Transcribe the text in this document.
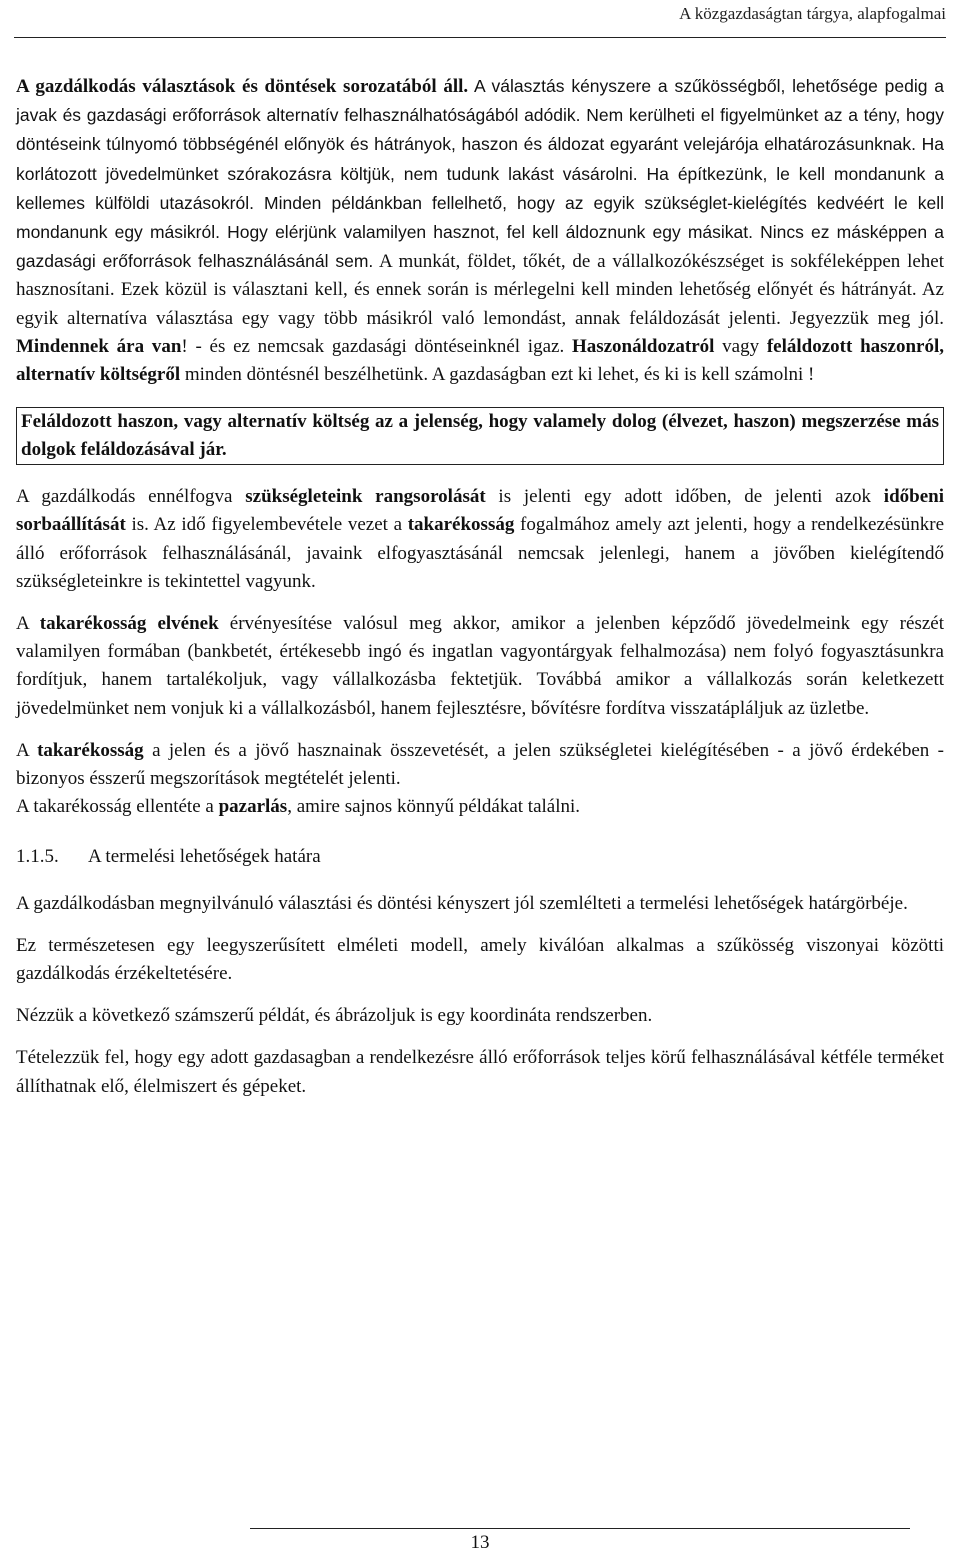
A közgazdaságtan tárgya, alapfogalmai

A gazdálkodás választások és döntések sorozatából áll. A választás kényszere a szűkösségből, lehetősége pedig a javak és gazdasági erőforrások alternatív felhasználhatóságából adódik. Nem kerülheti el figyelmünket az a tény, hogy döntéseink túlnyomó többségénél előnyök és hátrányok, haszon és áldozat egyaránt velejárója elhatározásunknak. Ha korlátozott jövedelmünket szórakozásra költjük, nem tudunk lakást vásárolni. Ha építkezünk, le kell mondanunk a kellemes külföldi utazásokról. Minden példánkban fellelhető, hogy az egyik szükséglet-kielégítés kedvéért le kell mondanunk egy másikról. Hogy elérjünk valamilyen hasznot, fel kell áldoznunk egy másikat. Nincs ez másképpen a gazdasági erőforrások felhasználásánál sem. A munkát, földet, tőkét, de a vállalkozókészséget is sokféleképpen lehet hasznosítani. Ezek közül is választani kell, és ennek során is mérlegelni kell minden lehetőség előnyét és hátrányát. Az egyik alternatíva választása egy vagy több másikról való lemondást, annak feláldozását jelenti. Jegyezzük meg jól. Mindennek ára van! - és ez nemcsak gazdasági döntéseinknél igaz. Haszonáldozatról vagy feláldozott haszonról, alternatív költségről minden döntésnél beszélhetünk. A gazdaságban ezt ki lehet, és ki is kell számolni !

Feláldozott haszon, vagy alternatív költség az a jelenség, hogy valamely dolog (élvezet, haszon) megszerzése más dolgok feláldozásával jár.

A gazdálkodás ennélfogva szükségleteink rangsorolását is jelenti egy adott időben, de jelenti azok időbeni sorbaállítását is. Az idő figyelembevétele vezet a takarékosság fogalmához amely azt jelenti, hogy a rendelkezésünkre álló erőforrások felhasználásánál, javaink elfogyasztásánál nemcsak jelenlegi, hanem a jövőben kielégítendő szükségleteinkre is tekintettel vagyunk.

A takarékosság elvének érvényesítése valósul meg akkor, amikor a jelenben képződő jövedelmeink egy részét valamilyen formában (bankbetét, értékesebb ingó és ingatlan vagyontárgyak felhalmozása) nem folyó fogyasztásunkra fordítjuk, hanem tartalékoljuk, vagy vállalkozásba fektetjük. Továbbá amikor a vállalkozás során keletkezett jövedelmünket nem vonjuk ki a vállalkozásból, hanem fejlesztésre, bővítésre fordítva visszatápláljuk az üzletbe.

A takarékosság a jelen és a jövő hasznainak összevetését, a jelen szükségletei kielégítésében - a jövő érdekében - bizonyos ésszerű megszorítások megtételét jelenti.

A takarékosság ellentéte a pazarlás, amire sajnos könnyű példákat találni.

1.1.5. A termelési lehetőségek határa

A gazdálkodásban megnyilvánuló választási és döntési kényszert jól szemlélteti a termelési lehetőségek határgörbéje.

Ez természetesen egy leegyszerűsített elméleti modell, amely kiválóan alkalmas a szűkösség viszonyai közötti gazdálkodás érzékeltetésére.

Nézzük a következő számszerű példát, és ábrázoljuk is egy koordináta rendszerben.

Tételezzük fel, hogy egy adott gazdasagban a rendelkezésre álló erőforrások teljes körű felhasználásával kétféle terméket állíthatnak elő, élelmiszert és gépeket.

13
